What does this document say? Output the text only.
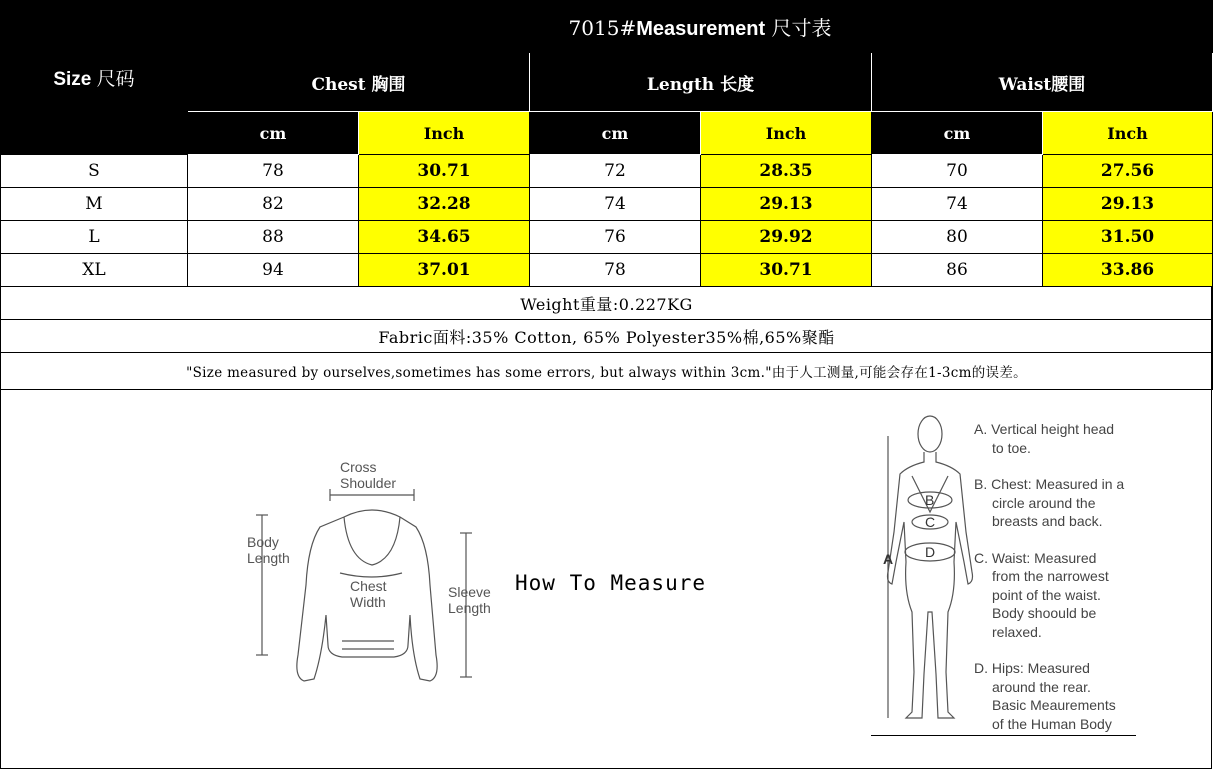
Size 尺码	7015#Measurement 尺寸表					
	Chest 胸围		Length 长度		Waist腰围	
	cm	Inch	cm	Inch	cm	Inch
S	78	30.71	72	28.35	70	27.56
M	82	32.28	74	29.13	74	29.13
L	88	34.65	76	29.92	80	31.50
XL	94	37.01	78	30.71	86	33.86
Weight重量:0.227KG						
Fabric面料:35% Cotton, 65% Polyester35%棉,65%聚酯						
"Size measured by ourselves,sometimes has some errors, but always within 3cm."由于人工测量,可能会存在1-3cm的误差。						
Cross
Shoulder
Body
Length
Chest
Width
Sleeve
Length
How To Measure
A
B
C
D
A. Vertical height head
to toe.
B. Chest: Measured in a
circle around the
breasts and back.
C. Waist: Measured
from the narrowest
point of the waist.
Body shoould be
relaxed.
D. Hips: Measured
around the rear.
Basic Meaurements
of the Human Body
